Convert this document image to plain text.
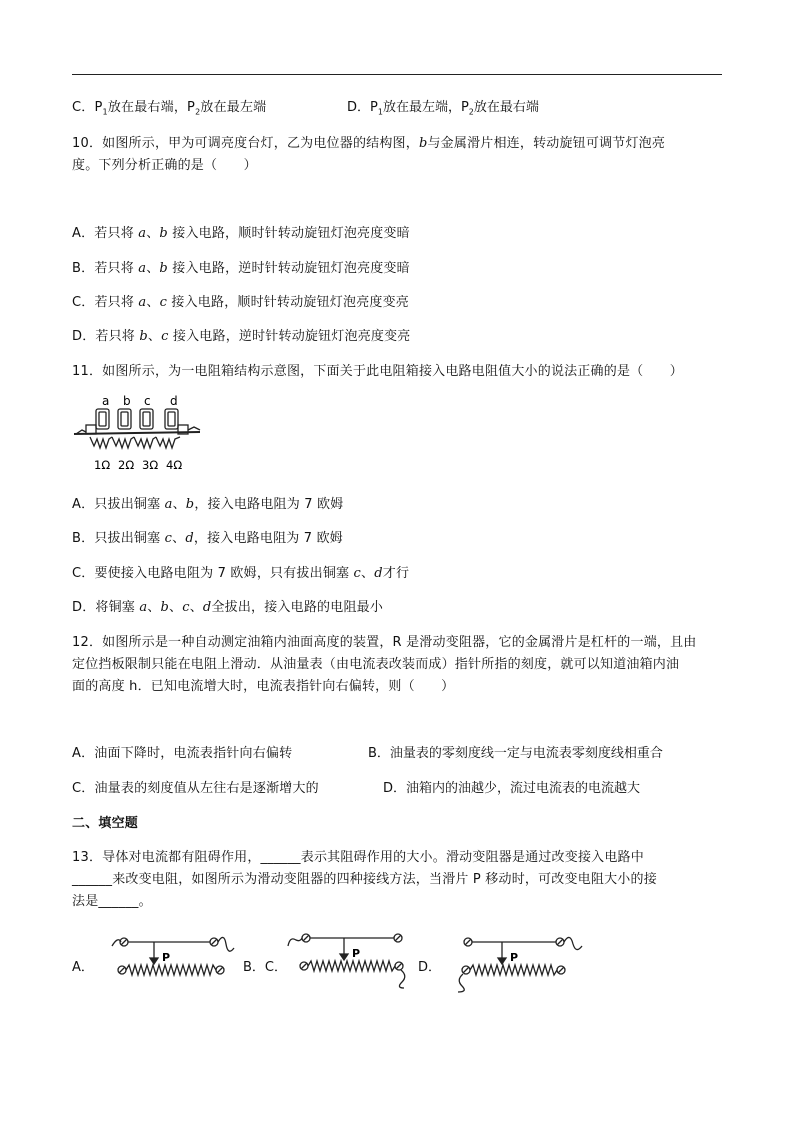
C．$P_1$放在最右端，$P_2$放在最左端	D．$P_1$放在最左端，$P_2$放在最右端
10．如图所示，甲为可调亮度台灯，乙为电位器的结构图，b与金属滑片相连，转动旋钮可调节灯泡亮
度。下列分析正确的是（　　）
A．若只将 a、b 接入电路，顺时针转动旋钮灯泡亮度变暗
B．若只将 a、b 接入电路，逆时针转动旋钮灯泡亮度变暗
C．若只将 a、c 接入电路，顺时针转动旋钮灯泡亮度变亮
D．若只将 b、c 接入电路，逆时针转动旋钮灯泡亮度变亮
11．如图所示，为一电阻箱结构示意图，下面关于此电阻箱接入电路电阻值大小的说法正确的是（　　）
a b c d
1Ω 2Ω 3Ω 4Ω
A．只拔出铜塞 a、b，接入电路电阻为 7 欧姆
B．只拔出铜塞 c、d，接入电路电阻为 7 欧姆
C．要使接入电路电阻为 7 欧姆，只有拔出铜塞 c、d才行
D．将铜塞 a、b、c、d全拔出，接入电路的电阻最小
12．如图所示是一种自动测定油箱内油面高度的装置，R 是滑动变阻器，它的金属滑片是杠杆的一端，且由
定位挡板限制只能在电阻上滑动．从油量表（由电流表改装而成）指针所指的刻度，就可以知道油箱内油
面的高度 h．已知电流增大时，电流表指针向右偏转，则（　　）
A．油面下降时，电流表指针向右偏转	B．油量表的零刻度线一定与电流表零刻度线相重合
C．油量表的刻度值从左往右是逐渐增大的	D．油箱内的油越少，流过电流表的电流越大
二、填空题
13．导体对电流都有阻碍作用，______表示其阻碍作用的大小。滑动变阻器是通过改变接入电路中
______来改变电阻，如图所示为滑动变阻器的四种接线方法，当滑片 P 移动时，可改变电阻大小的接
法是______。
A．	B．C．	D．
P	P	P
